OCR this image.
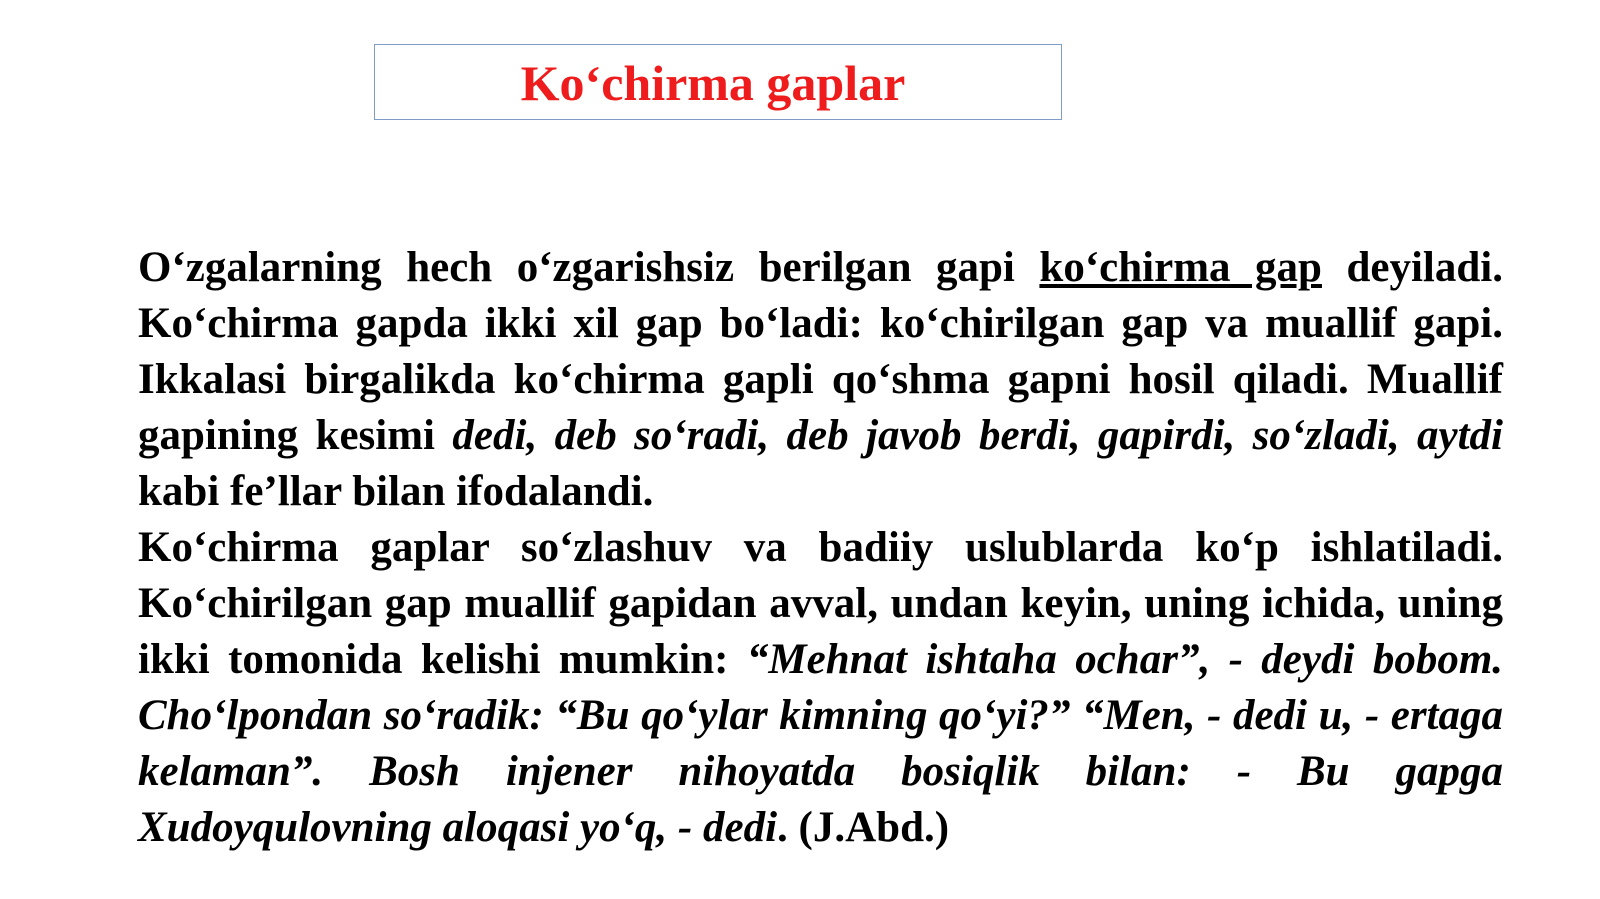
Ko‘chirma gaplar
O‘zgalarning hech o‘zgarishsiz berilgan gapi ko‘chirma gap deyiladi. Ko‘chirma gapda ikki xil gap bo‘ladi: ko‘chirilgan gap va muallif gapi. Ikkalasi birgalikda ko‘chirma gapli qo‘shma gapni hosil qiladi. Muallif gapining kesimi dedi, deb so‘radi, deb javob berdi, gapirdi, so‘zladi, aytdi kabi fe’llar bilan ifodalandi.
Ko‘chirma gaplar so‘zlashuv va badiiy uslublarda ko‘p ishlatiladi. Ko‘chirilgan gap muallif gapidan avval, undan keyin, uning ichida, uning ikki tomonida kelishi mumkin: “Mehnat ishtaha ochar”, - deydi bobom. Cho‘lpondan so‘radik: “Bu qo‘ylar kimning qo‘yi?” “Men, - dedi u, - ertaga kelaman”. Bosh injener nihoyatda bosiqlik bilan: - Bu gapga Xudoyqulovning aloqasi yo‘q, - dedi. (J.Abd.)
